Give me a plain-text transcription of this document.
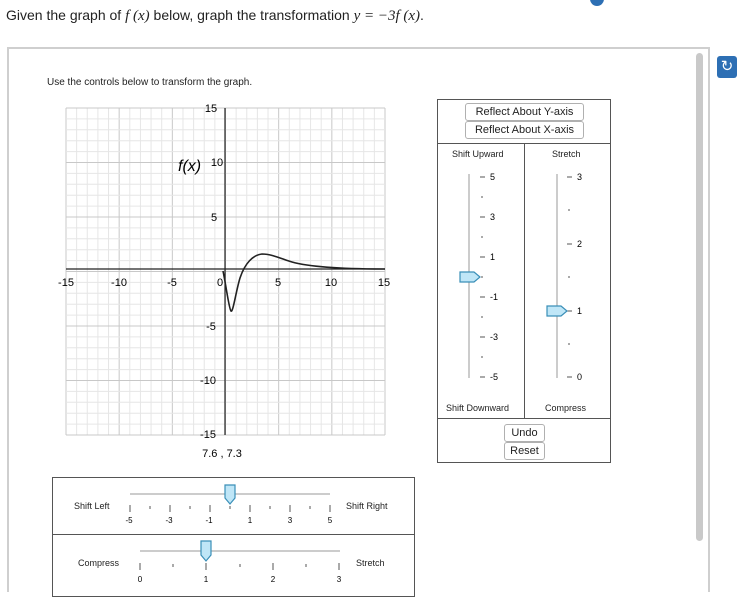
Given the graph of f (x) below, graph the transformation y = −3f (x).
↻
Use the controls below to transform the graph.
-15	-10	-5	0	5	10	15
15
10
5
-5
-10
-15
f(x)
7.6 , 7.3
Reflect About Y-axis
Reflect About X-axis
Shift Upward	Stretch
Shift Downward	Compress
5
3
1
-1
-3
-5
3
2
1
0
Undo
Reset
Shift Left	Shift Right
Compress	Stretch
-5	-3	-1	1	3	5
0	1	2	3
